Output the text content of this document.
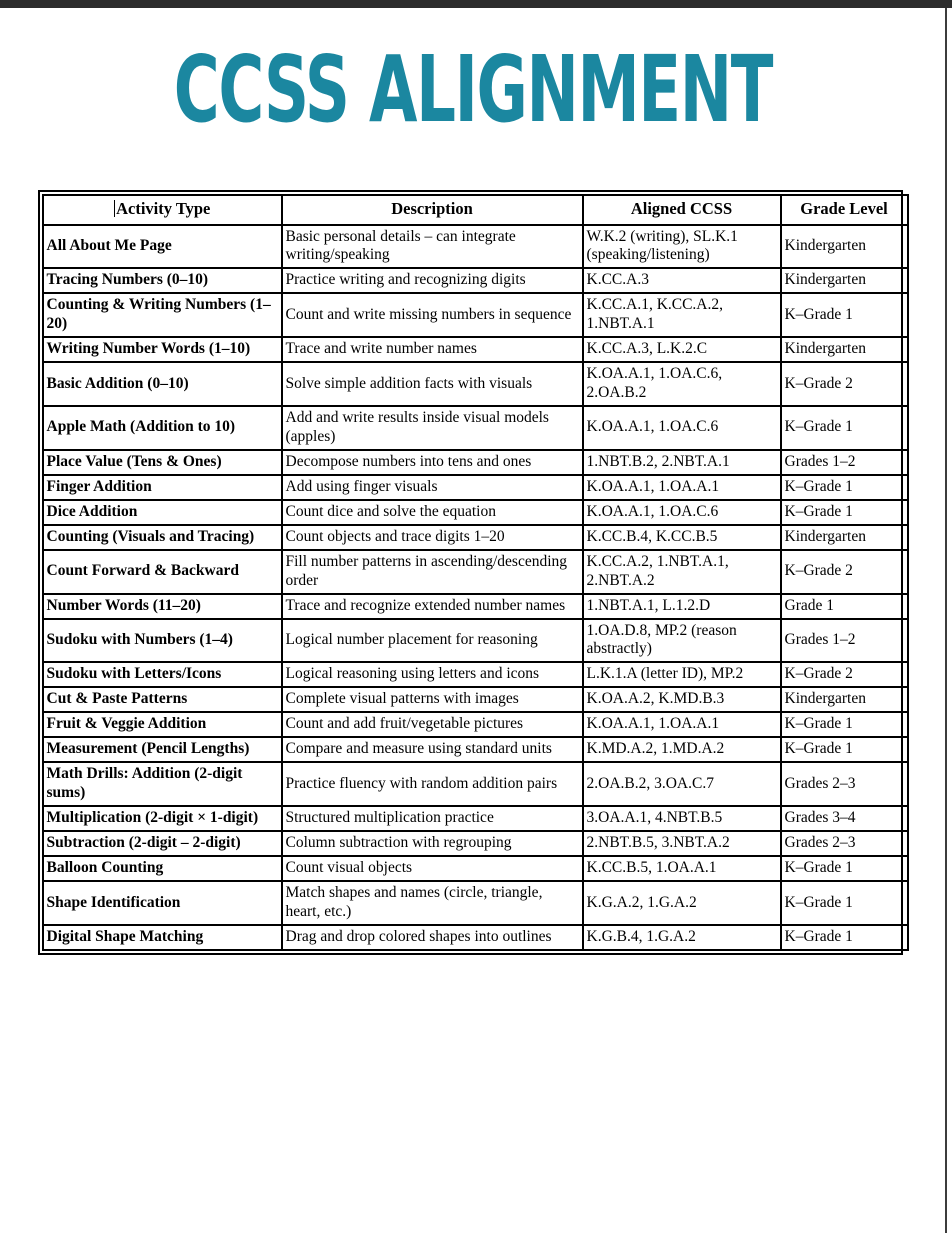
CCSS ALIGNMENT
Activity Type	Description	Aligned CCSS	Grade Level
All About Me Page	Basic personal details – can integrate writing/speaking	W.K.2 (writing), SL.K.1 (speaking/listening)	Kindergarten
Tracing Numbers (0–10)	Practice writing and recognizing digits	K.CC.A.3	Kindergarten
Counting & Writing Numbers (1–20)	Count and write missing numbers in sequence	K.CC.A.1, K.CC.A.2, 1.NBT.A.1	K–Grade 1
Writing Number Words (1–10)	Trace and write number names	K.CC.A.3, L.K.2.C	Kindergarten
Basic Addition (0–10)	Solve simple addition facts with visuals	K.OA.A.1, 1.OA.C.6, 2.OA.B.2	K–Grade 2
Apple Math (Addition to 10)	Add and write results inside visual models (apples)	K.OA.A.1, 1.OA.C.6	K–Grade 1
Place Value (Tens & Ones)	Decompose numbers into tens and ones	1.NBT.B.2, 2.NBT.A.1	Grades 1–2
Finger Addition	Add using finger visuals	K.OA.A.1, 1.OA.A.1	K–Grade 1
Dice Addition	Count dice and solve the equation	K.OA.A.1, 1.OA.C.6	K–Grade 1
Counting (Visuals and Tracing)	Count objects and trace digits 1–20	K.CC.B.4, K.CC.B.5	Kindergarten
Count Forward & Backward	Fill number patterns in ascending/descending order	K.CC.A.2, 1.NBT.A.1, 2.NBT.A.2	K–Grade 2
Number Words (11–20)	Trace and recognize extended number names	1.NBT.A.1, L.1.2.D	Grade 1
Sudoku with Numbers (1–4)	Logical number placement for reasoning	1.OA.D.8, MP.2 (reason abstractly)	Grades 1–2
Sudoku with Letters/Icons	Logical reasoning using letters and icons	L.K.1.A (letter ID), MP.2	K–Grade 2
Cut & Paste Patterns	Complete visual patterns with images	K.OA.A.2, K.MD.B.3	Kindergarten
Fruit & Veggie Addition	Count and add fruit/vegetable pictures	K.OA.A.1, 1.OA.A.1	K–Grade 1
Measurement (Pencil Lengths)	Compare and measure using standard units	K.MD.A.2, 1.MD.A.2	K–Grade 1
Math Drills: Addition (2-digit sums)	Practice fluency with random addition pairs	2.OA.B.2, 3.OA.C.7	Grades 2–3
Multiplication (2-digit × 1-digit)	Structured multiplication practice	3.OA.A.1, 4.NBT.B.5	Grades 3–4
Subtraction (2-digit – 2-digit)	Column subtraction with regrouping	2.NBT.B.5, 3.NBT.A.2	Grades 2–3
Balloon Counting	Count visual objects	K.CC.B.5, 1.OA.A.1	K–Grade 1
Shape Identification	Match shapes and names (circle, triangle, heart, etc.)	K.G.A.2, 1.G.A.2	K–Grade 1
Digital Shape Matching	Drag and drop colored shapes into outlines	K.G.B.4, 1.G.A.2	K–Grade 1
